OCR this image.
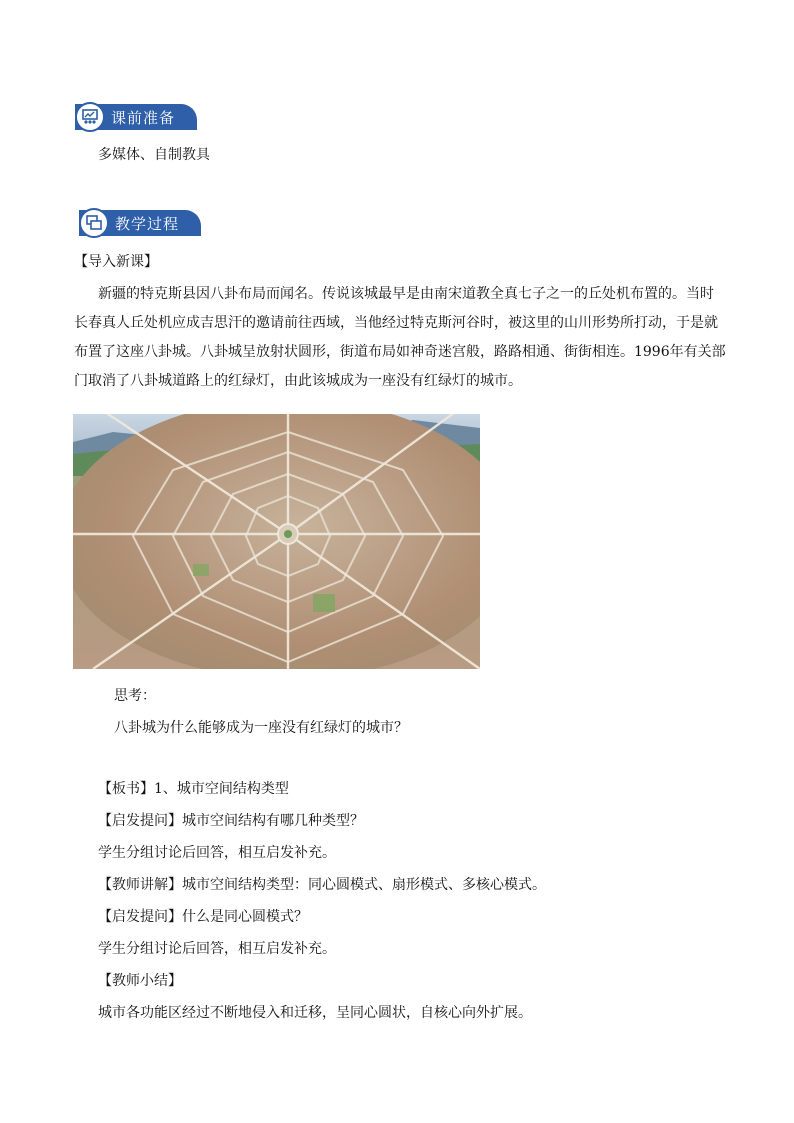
课前准备
多媒体、自制教具
教学过程
【导入新课】
新疆的特克斯县因八卦布局而闻名。传说该城最早是由南宋道教全真七子之一的丘处机布置的。当时
长春真人丘处机应成吉思汗的邀请前往西域，当他经过特克斯河谷时，被这里的山川形势所打动，于是就
布置了这座八卦城。八卦城呈放射状圆形，街道布局如神奇迷宫般，路路相通、街街相连。1996年有关部
门取消了八卦城道路上的红绿灯，由此该城成为一座没有红绿灯的城市。
思考：
八卦城为什么能够成为一座没有红绿灯的城市？
【板书】1、城市空间结构类型
【启发提问】城市空间结构有哪几种类型？
学生分组讨论后回答，相互启发补充。
【教师讲解】城市空间结构类型：同心圆模式、扇形模式、多核心模式。
【启发提问】什么是同心圆模式？
学生分组讨论后回答，相互启发补充。
【教师小结】
城市各功能区经过不断地侵入和迁移，呈同心圆状，自核心向外扩展。
